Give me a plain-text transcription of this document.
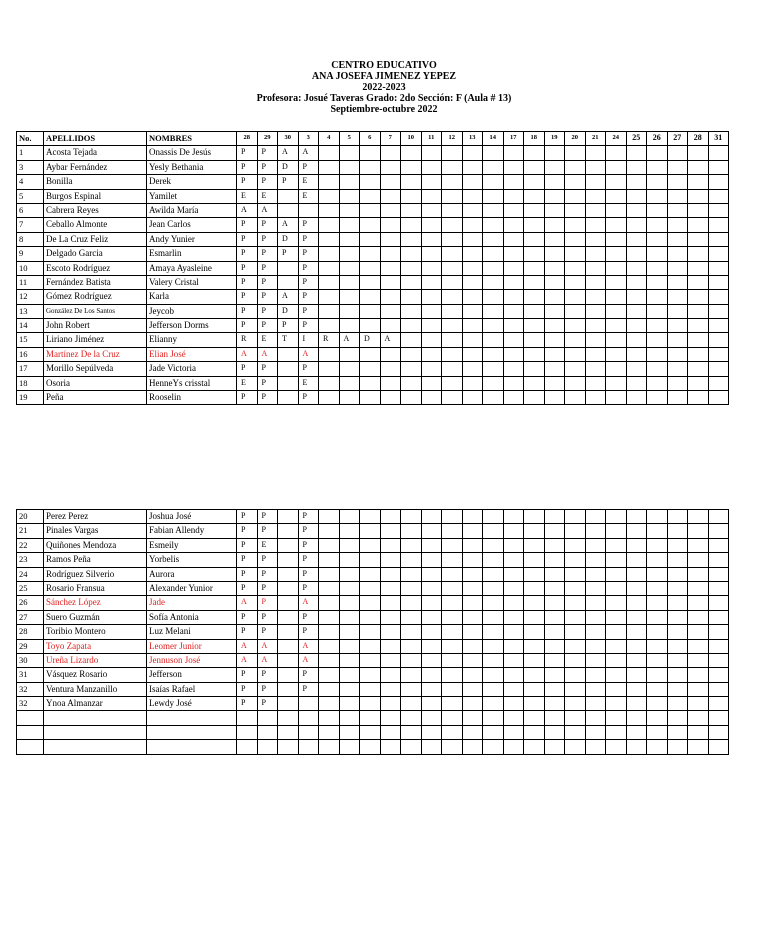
CENTRO EDUCATIVO
ANA JOSEFA JIMENEZ YEPEZ
2022-2023
Profesora: Josué Taveras Grado: 2do Sección: F (Aula # 13)
Septiembre-octubre 2022
No.	APELLIDOS	NOMBRES	28	29	30	3	4	5	6	7	10	11	12	13	14	17	18	19	20	21	24	25	26	27	28	31
1	Acosta Tejada	Onassis De Jesús	P	P	A	A																				
3	Aybar Fernández	Yesly Bethania	P	P	D	P																				
4	Bonilla	Derek	P	P	P	E																				
5	Burgos Espinal	Yamilet	E	E		E																				
6	Cabrera Reyes	Awilda María	A	A																						
7	Ceballo Almonte	Jean Carlos	P	P	A	P																				
8	De La Cruz Feliz	Andy Yunier	P	P	D	P																				
9	Delgado Garcia	Esmarlin	P	P	P	P																				
10	Escoto Rodríguez	Amaya Ayasleine	P	P		P																				
11	Fernández Batista	Valery Cristal	P	P		P																				
12	Gómez Rodríguez	Karla	P	P	A	P																				
13	González De Los Santos	Jeycob	P	P	D	P																				
14	John Robert	Jefferson Dorms	P	P	P	P																				
15	Liriano Jiménez	Elianny	R	E	T	I	R	A	D	A																
16	Martínez De la Cruz	Elian José	A	A		A																				
17	Morillo Sepúlveda	Jade Victoria	P	P		P																				
18	Osoria	HenneYs crisstal	E	P		E																				
19	Peña	Rooselin	P	P		P																				
20	Perez Perez	Joshua José	P	P		P																				
21	Pinales Vargas	Fabian Allendy	P	P		P																				
22	Quiñones Mendoza	Esmeily	P	E		P																				
23	Ramos Peña	Yorbelis	P	P		P																				
24	Rodríguez Silverio	Aurora	P	P		P																				
25	Rosario Fransua	Alexander Yunior	P	P		P																				
26	Sánchez López	Jade	A	P		A																				
27	Suero Guzmán	Sofía Antonia	P	P		P																				
28	Toribio Montero	Luz Melani	P	P		P																				
29	Toyo Zapata	Leomer Junior	A	A		A																				
30	Ureña Lizardo	Jennuson José	A	A		A																				
31	Vásquez Rosario	Jefferson	P	P		P																				
32	Ventura Manzanillo	Isaías Rafael	P	P		P																				
32	Ynoa Almanzar	Lewdy José	P	P																						
